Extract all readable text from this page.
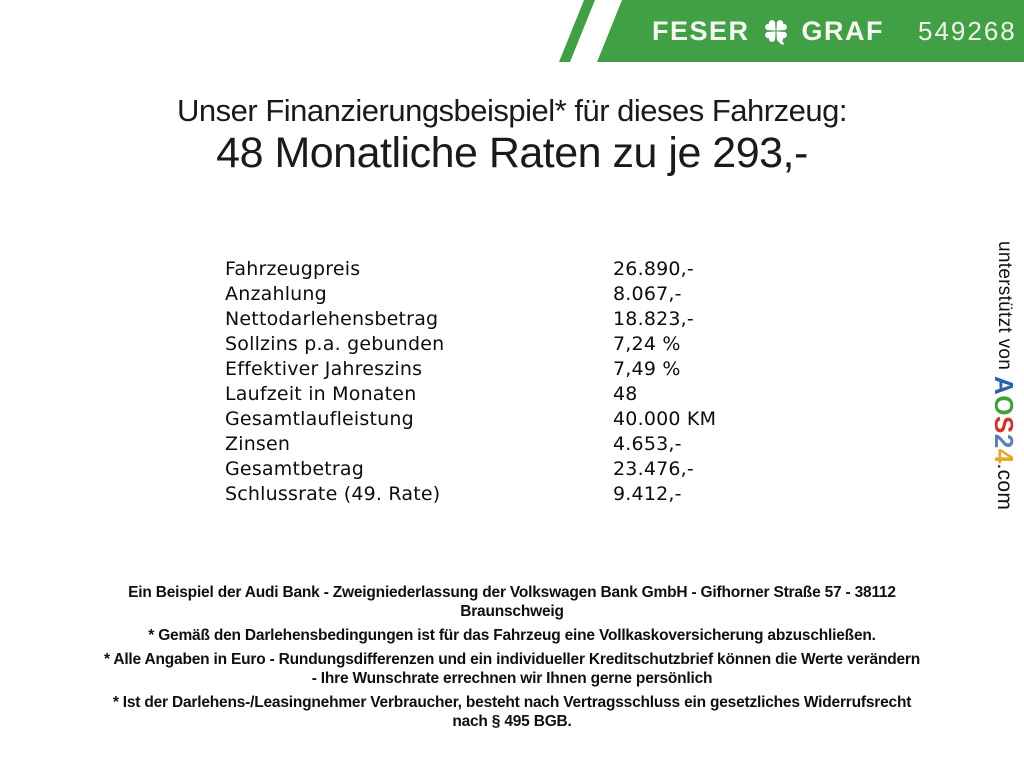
FESER GRAF 549268

Unser Finanzierungsbeispiel* für dieses Fahrzeug:

48 Monatliche Raten zu je 293,-

Fahrzeugpreis	26.890,-
Anzahlung	8.067,-
Nettodarlehensbetrag	18.823,-
Sollzins p.a. gebunden	7,24 %
Effektiver Jahreszins	7,49 %
Laufzeit in Monaten	48
Gesamtlaufleistung	40.000 KM
Zinsen	4.653,-
Gesamtbetrag	23.476,-
Schlussrate (49. Rate)	9.412,-
unterstützt von AOS24.com

Ein Beispiel der Audi Bank - Zweigniederlassung der Volkswagen Bank GmbH - Gifhorner Straße 57 - 38112
Braunschweig

* Gemäß den Darlehensbedingungen ist für das Fahrzeug eine Vollkaskoversicherung abzuschließen.

* Alle Angaben in Euro - Rundungsdifferenzen und ein individueller Kreditschutzbrief können die Werte verändern
- Ihre Wunschrate errechnen wir Ihnen gerne persönlich

* Ist der Darlehens-/Leasingnehmer Verbraucher, besteht nach Vertragsschluss ein gesetzliches Widerrufsrecht
nach § 495 BGB.
